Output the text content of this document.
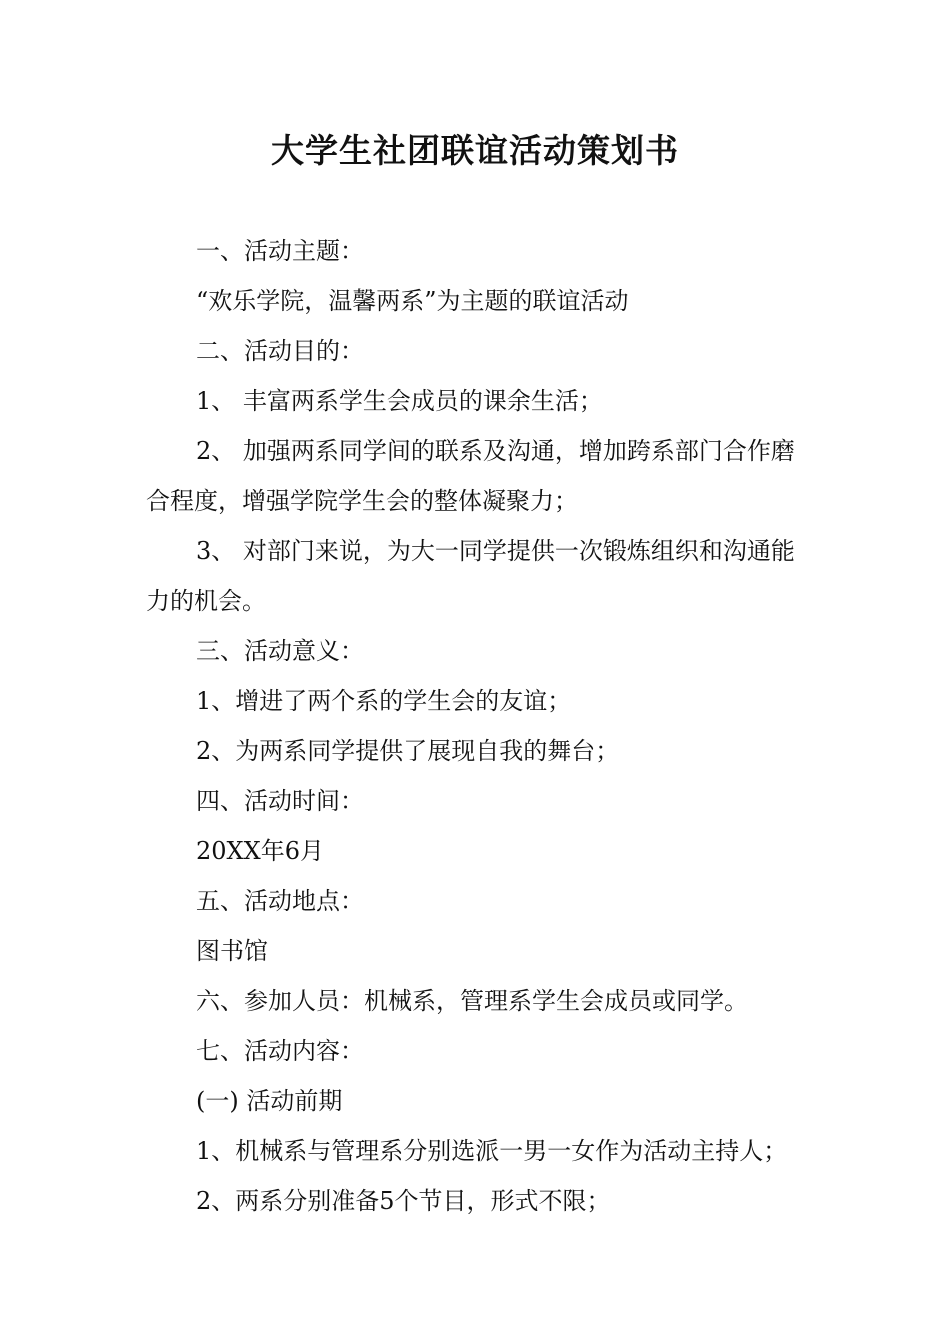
大学生社团联谊活动策划书

一、活动主题：

“欢乐学院，温馨两系”为主题的联谊活动

二、活动目的：

1、 丰富两系学生会成员的课余生活；

2、 加强两系同学间的联系及沟通，增加跨系部门合作磨合程度，增强学院学生会的整体凝聚力；

3、 对部门来说，为大一同学提供一次锻炼组织和沟通能力的机会。

三、活动意义：

1、增进了两个系的学生会的友谊；

2、为两系同学提供了展现自我的舞台；

四、活动时间：

20XX年6月

五、活动地点：

图书馆

六、参加人员：机械系，管理系学生会成员或同学。

七、活动内容：

(一) 活动前期

1、机械系与管理系分别选派一男一女作为活动主持人；

2、两系分别准备5个节目，形式不限；
